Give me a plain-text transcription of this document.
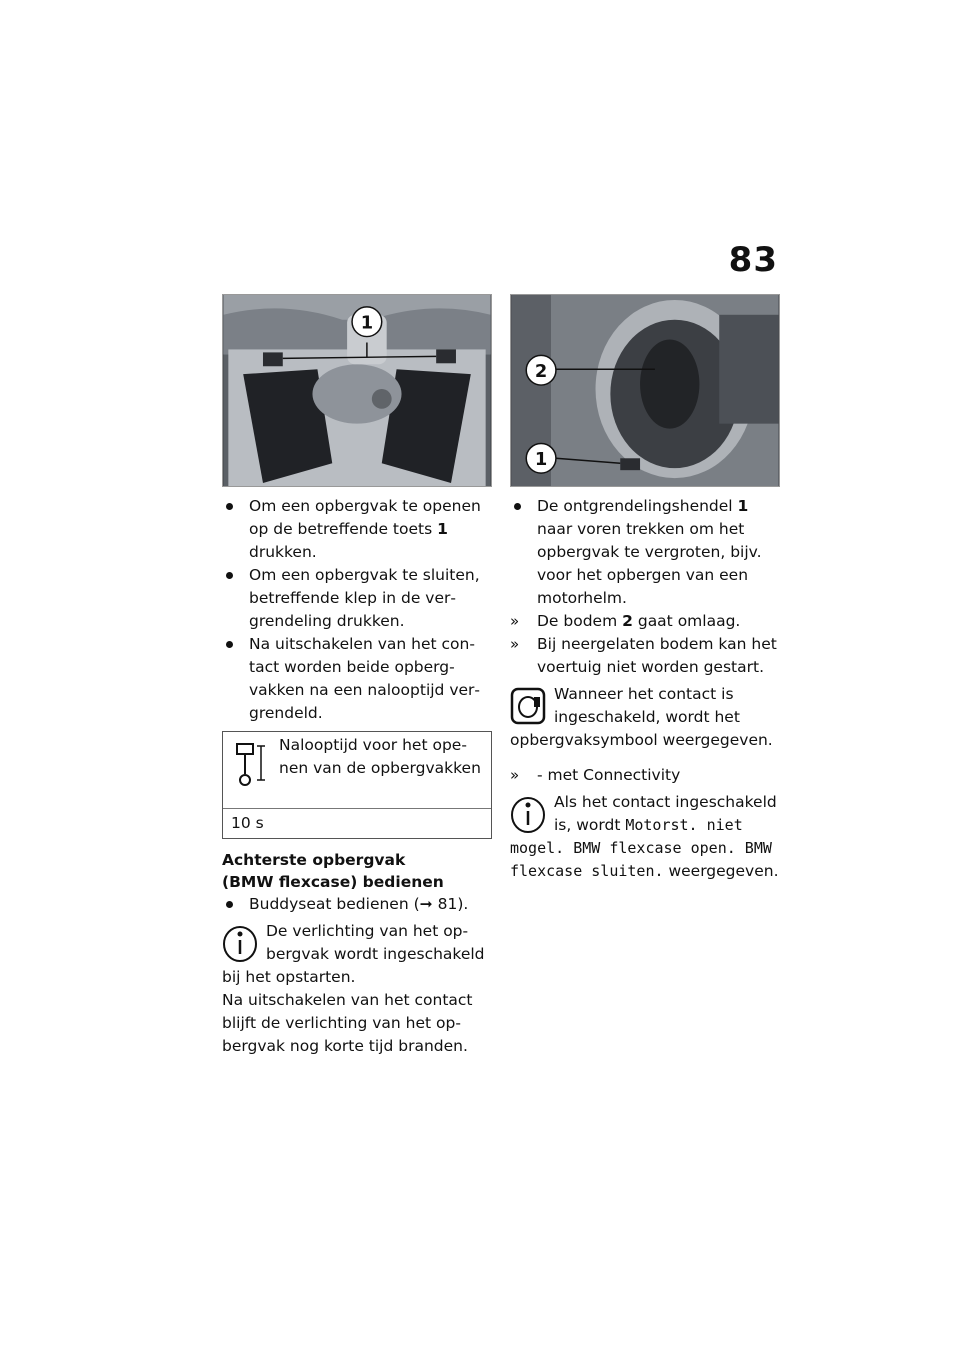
83
1
Om een opbergvak te openen op de betreffende toets 1 drukken.
Om een opbergvak te sluiten, betreffende klep in de vergrendeling drukken.
Na uitschakelen van het contact worden beide opbergvakken na een nalooptijd vergrendeld.
Nalooptijd voor het openen van de opbergvakken
10 s
Achterste opbergvak
(BMW flexcase) bedienen
Buddyseat bedienen (➞ 81).
De verlichting van het opbergvak wordt ingeschakeld bij het opstarten.
Na uitschakelen van het contact blijft de verlichting van het opbergvak nog korte tijd branden.
2
1
De ontgrendelingshendel 1 naar voren trekken om het opbergvak te vergroten, bijv. voor het opbergen van een motorhelm.
» De bodem 2 gaat omlaag.
» Bij neergelaten bodem kan het voertuig niet worden gestart.
Wanneer het contact is ingeschakeld, wordt het opbergvaksymbool weergegeven.
» - met Connectivity
Als het contact ingeschakeld is, wordt Motorst. niet mogel. BMW flexcase open. BMW flexcase sluiten. weergegeven.
